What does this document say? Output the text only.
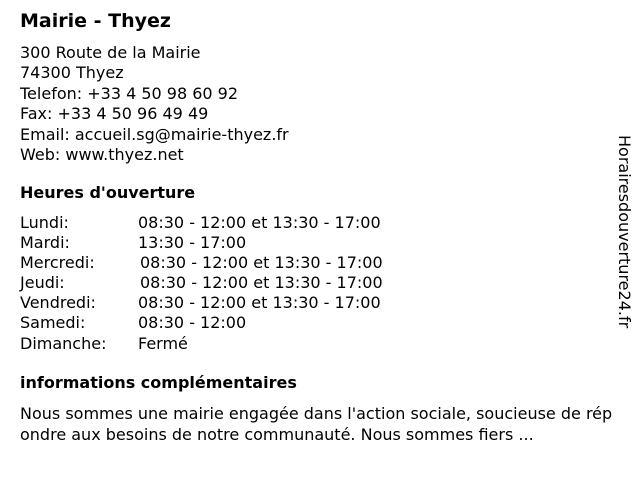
Mairie - Thyez
300 Route de la Mairie
74300 Thyez
Telefon: +33 4 50 98 60 92
Fax: +33 4 50 96 49 49
Email: accueil.sg@mairie-thyez.fr
Web: www.thyez.net
Heures d'ouverture
Lundi:	08:30 - 12:00 et 13:30 - 17:00
Mardi:	13:30 - 17:00
Mercredi:	08:30 - 12:00 et 13:30 - 17:00
Jeudi:	08:30 - 12:00 et 13:30 - 17:00
Vendredi:	08:30 - 12:00 et 13:30 - 17:00
Samedi:	08:30 - 12:00
Dimanche: Fermé
informations complémentaires

Nous sommes une mairie engagée dans l'action sociale, soucieuse de répondre aux besoins de notre communauté. Nous sommes fiers ...

Horairesdouverture24.fr
